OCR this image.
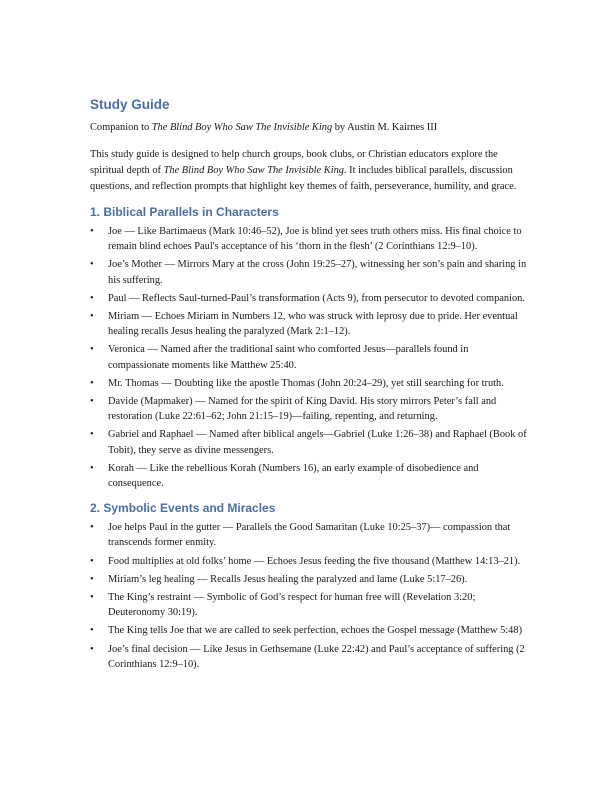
Study Guide

Companion to The Blind Boy Who Saw The Invisible King by Austin M. Kairnes III

This study guide is designed to help church groups, book clubs, or Christian educators explore the spiritual depth of The Blind Boy Who Saw The Invisible King. It includes biblical parallels, discussion questions, and reflection prompts that highlight key themes of faith, perseverance, humility, and grace.

1. Biblical Parallels in Characters
• Joe — Like Bartimaeus (Mark 10:46–52), Joe is blind yet sees truth others miss. His final choice to remain blind echoes Paul's acceptance of his ‘thorn in the flesh’ (2 Corinthians 12:9–10).
• Joe’s Mother — Mirrors Mary at the cross (John 19:25–27), witnessing her son’s pain and sharing in his suffering.
• Paul — Reflects Saul-turned-Paul’s transformation (Acts 9), from persecutor to devoted companion.
• Miriam — Echoes Miriam in Numbers 12, who was struck with leprosy due to pride. Her eventual healing recalls Jesus healing the paralyzed (Mark 2:1–12).
• Veronica — Named after the traditional saint who comforted Jesus—parallels found in compassionate moments like Matthew 25:40.
• Mr. Thomas — Doubting like the apostle Thomas (John 20:24–29), yet still searching for truth.
• Davide (Mapmaker) — Named for the spirit of King David. His story mirrors Peter’s fall and restoration (Luke 22:61–62; John 21:15–19)—failing, repenting, and returning.
• Gabriel and Raphael — Named after biblical angels—Gabriel (Luke 1:26–38) and Raphael (Book of Tobit), they serve as divine messengers.
• Korah — Like the rebellious Korah (Numbers 16), an early example of disobedience and consequence.
2. Symbolic Events and Miracles
• Joe helps Paul in the gutter — Parallels the Good Samaritan (Luke 10:25–37)— compassion that transcends former enmity.
• Food multiplies at old folks’ home — Echoes Jesus feeding the five thousand (Matthew 14:13–21).
• Miriam’s leg healing — Recalls Jesus healing the paralyzed and lame (Luke 5:17–26).
• The King’s restraint — Symbolic of God’s respect for human free will (Revelation 3:20; Deuteronomy 30:19).
• The King tells Joe that we are called to seek perfection, echoes the Gospel message (Matthew 5:48)
• Joe’s final decision — Like Jesus in Gethsemane (Luke 22:42) and Paul’s acceptance of suffering (2 Corinthians 12:9–10).
